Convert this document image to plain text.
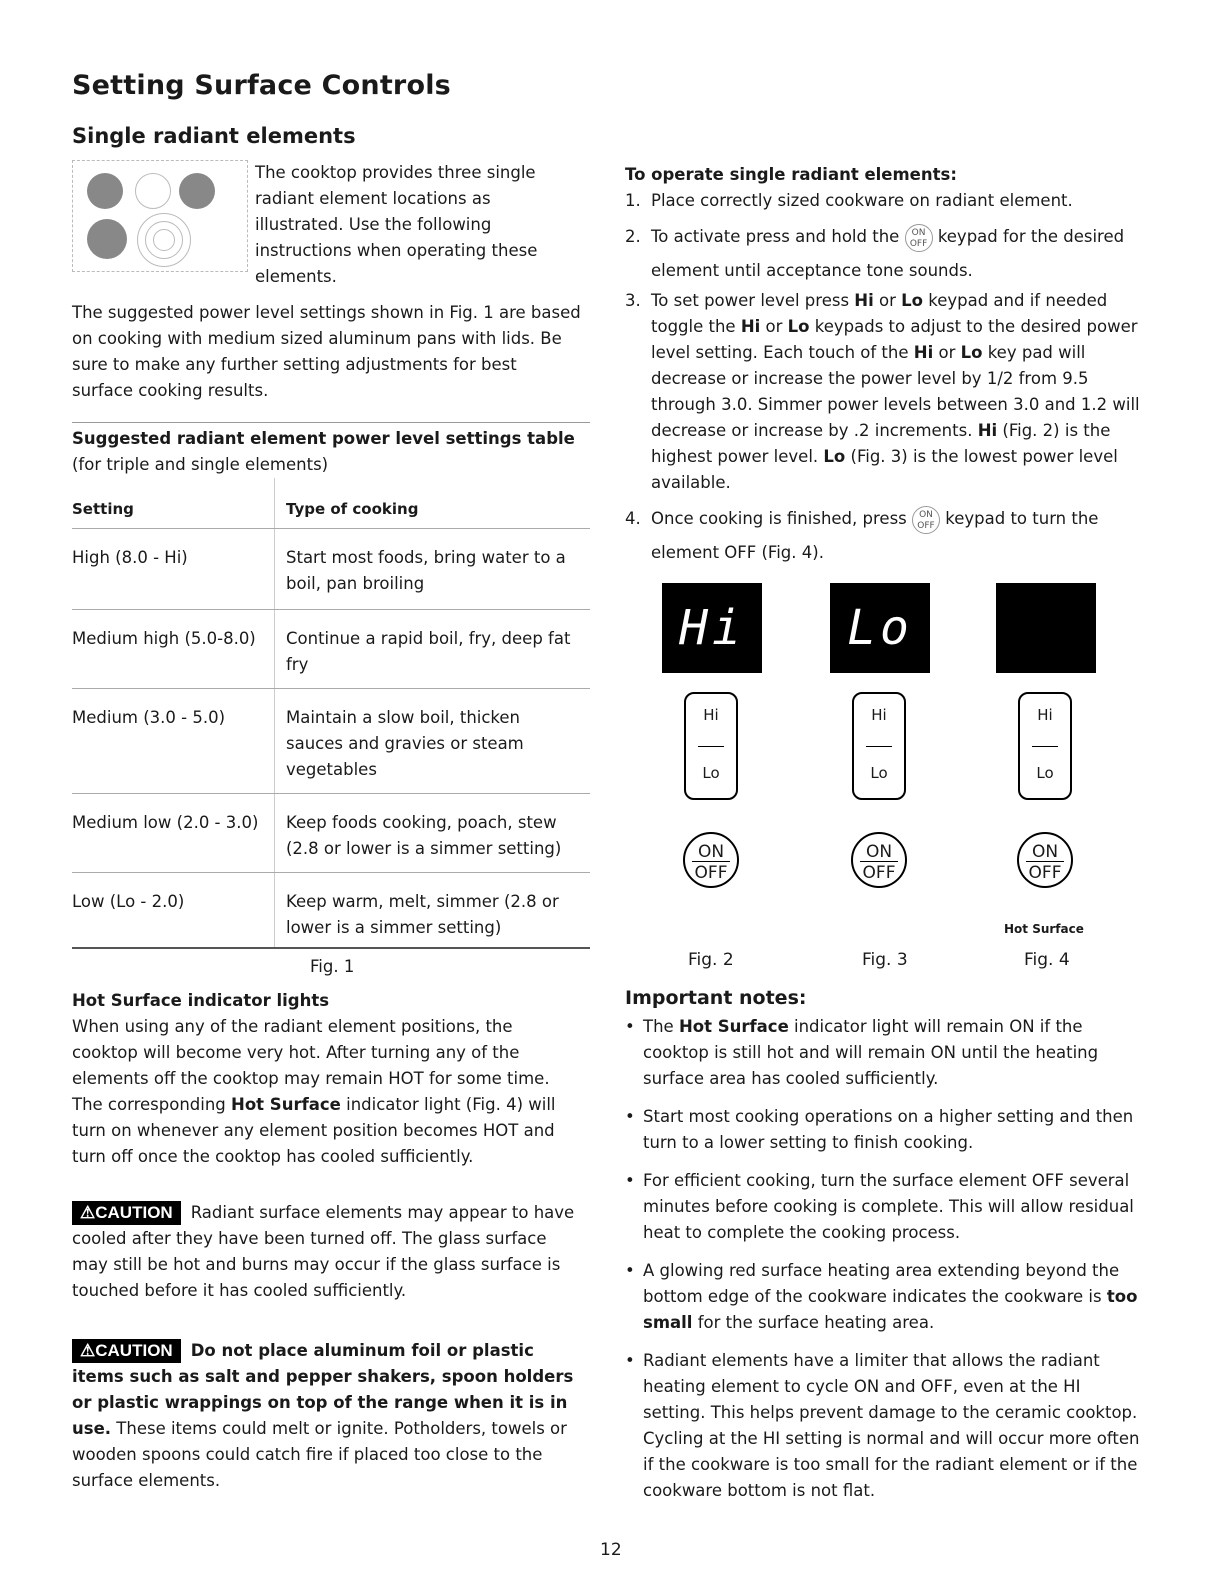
Setting Surface Controls
Single radiant elements
The cooktop provides three single radiant element locations as illustrated. Use the following instructions when operating these elements.
The suggested power level settings shown in Fig. 1 are based on cooking with medium sized aluminum pans with lids. Be sure to make any further setting adjustments for best surface cooking results.
Suggested radiant element power level settings table
(for triple and single elements)
Setting	Type of cooking
High (8.0 - Hi)	Start most foods, bring water to a boil, pan broiling
Medium high (5.0-8.0)	Continue a rapid boil, fry, deep fat fry
Medium (3.0 - 5.0)	Maintain a slow boil, thicken sauces and gravies or steam vegetables
Medium low (2.0 - 3.0)	Keep foods cooking, poach, stew (2.8 or lower is a simmer setting)
Low (Lo - 2.0)	Keep warm, melt, simmer (2.8 or lower is a simmer setting)
Fig. 1
Hot Surface indicator lights
When using any of the radiant element positions, the cooktop will become very hot. After turning any of the elements off the cooktop may remain HOT for some time. The corresponding Hot Surface indicator light (Fig. 4) will turn on whenever any element position becomes HOT and turn off once the cooktop has cooled sufficiently.
⚠CAUTION Radiant surface elements may appear to have cooled after they have been turned off. The glass surface may still be hot and burns may occur if the glass surface is touched before it has cooled sufficiently.
⚠CAUTION Do not place aluminum foil or plastic items such as salt and pepper shakers, spoon holders or plastic wrappings on top of the range when it is in use. These items could melt or ignite. Potholders, towels or wooden spoons could catch fire if placed too close to the surface elements.
To operate single radiant elements:
1. Place correctly sized cookware on radiant element.
2. To activate press and hold the ON
OFF keypad for the desired element until acceptance tone sounds.
3. To set power level press Hi or Lo keypad and if needed toggle the Hi or Lo keypads to adjust to the desired power level setting. Each touch of the Hi or Lo key pad will decrease or increase the power level by 1/2 from 9.5 through 3.0. Simmer power levels between 3.0 and 1.2 will decrease or increase by .2 increments. Hi (Fig. 2) is the highest power level. Lo (Fig. 3) is the lowest power level available.
4. Once cooking is finished, press ON
OFF keypad to turn the element OFF (Fig. 4).
Hi	Lo
Hi
Lo
Hi
Lo
Hi
Lo
ON
OFF
ON
OFF
ON
OFF
Hot Surface
Fig. 2	Fig. 3	Fig. 4
Important notes:
• The Hot Surface indicator light will remain ON if the cooktop is still hot and will remain ON until the heating surface area has cooled sufficiently.
• Start most cooking operations on a higher setting and then turn to a lower setting to finish cooking.
• For efficient cooking, turn the surface element OFF several minutes before cooking is complete. This will allow residual heat to complete the cooking process.
• A glowing red surface heating area extending beyond the bottom edge of the cookware indicates the cookware is too small for the surface heating area.
• Radiant elements have a limiter that allows the radiant heating element to cycle ON and OFF, even at the HI setting. This helps prevent damage to the ceramic cooktop. Cycling at the HI setting is normal and will occur more often if the cookware is too small for the radiant element or if the cookware bottom is not flat.
12
